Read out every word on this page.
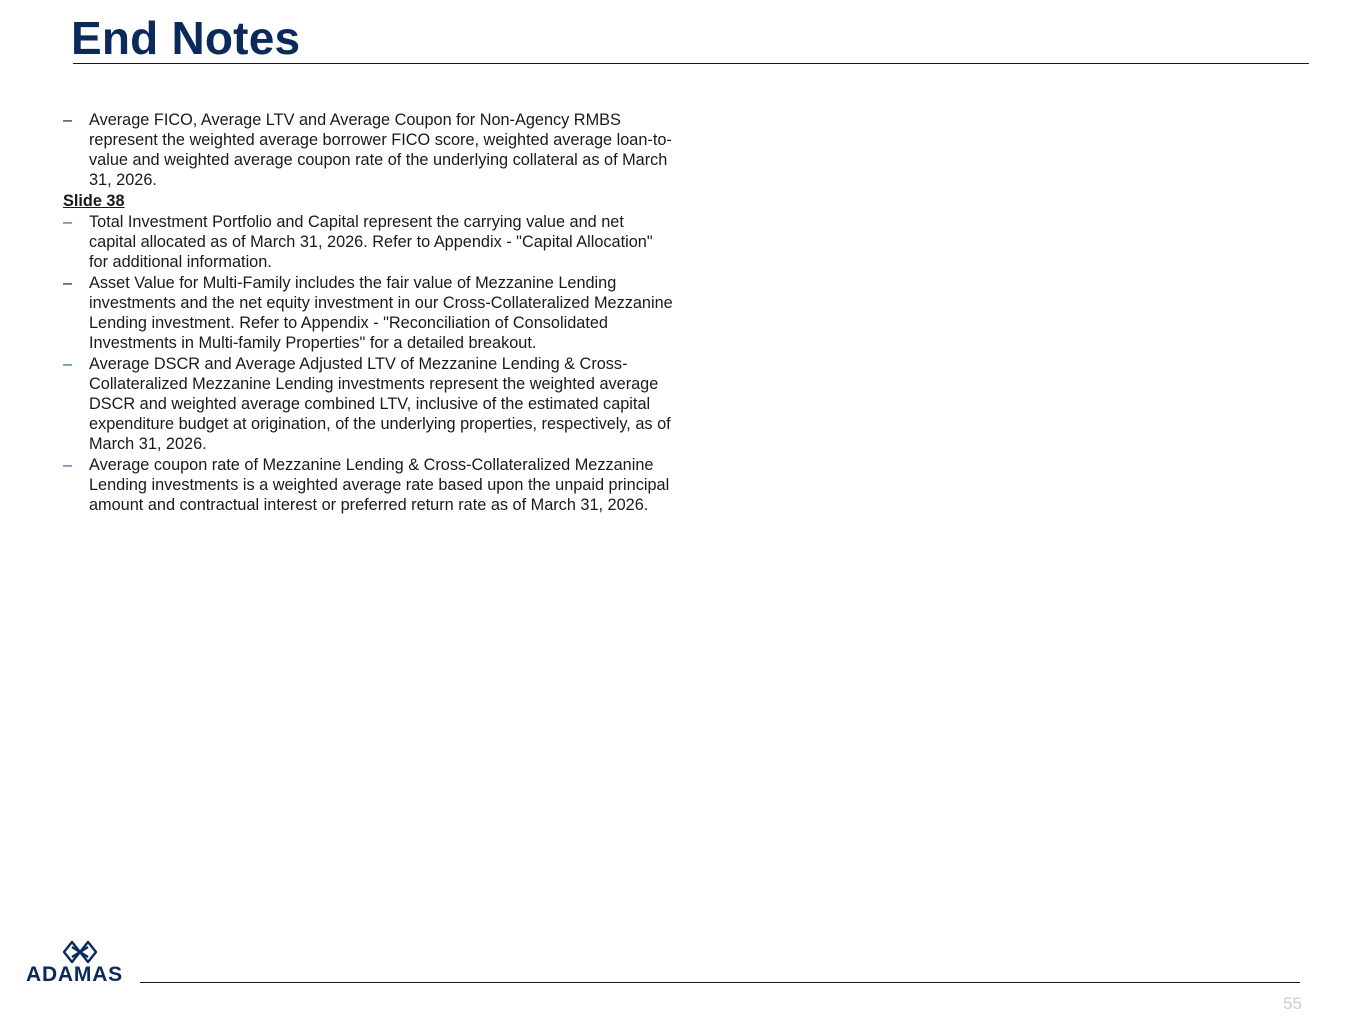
End Notes
–	Average FICO, Average LTV and Average Coupon for Non-Agency RMBS represent the weighted average borrower FICO score, weighted average loan-to-value and weighted average coupon rate of the underlying collateral as of March 31, 2026.
Slide 38
–	Total Investment Portfolio and Capital represent the carrying value and net capital allocated as of March 31, 2026. Refer to Appendix - "Capital Allocation" for additional information.
–	Asset Value for Multi-Family includes the fair value of Mezzanine Lending investments and the net equity investment in our Cross-Collateralized Mezzanine Lending investment. Refer to Appendix - "Reconciliation of Consolidated Investments in Multi-family Properties" for a detailed breakout.
–	Average DSCR and Average Adjusted LTV of Mezzanine Lending & Cross-Collateralized Mezzanine Lending investments represent the weighted average DSCR and weighted average combined LTV, inclusive of the estimated capital expenditure budget at origination, of the underlying properties, respectively, as of March 31, 2026.
–	Average coupon rate of Mezzanine Lending & Cross-Collateralized Mezzanine Lending investments is a weighted average rate based upon the unpaid principal amount and contractual interest or preferred return rate as of March 31, 2026.
ADAMAS
55
